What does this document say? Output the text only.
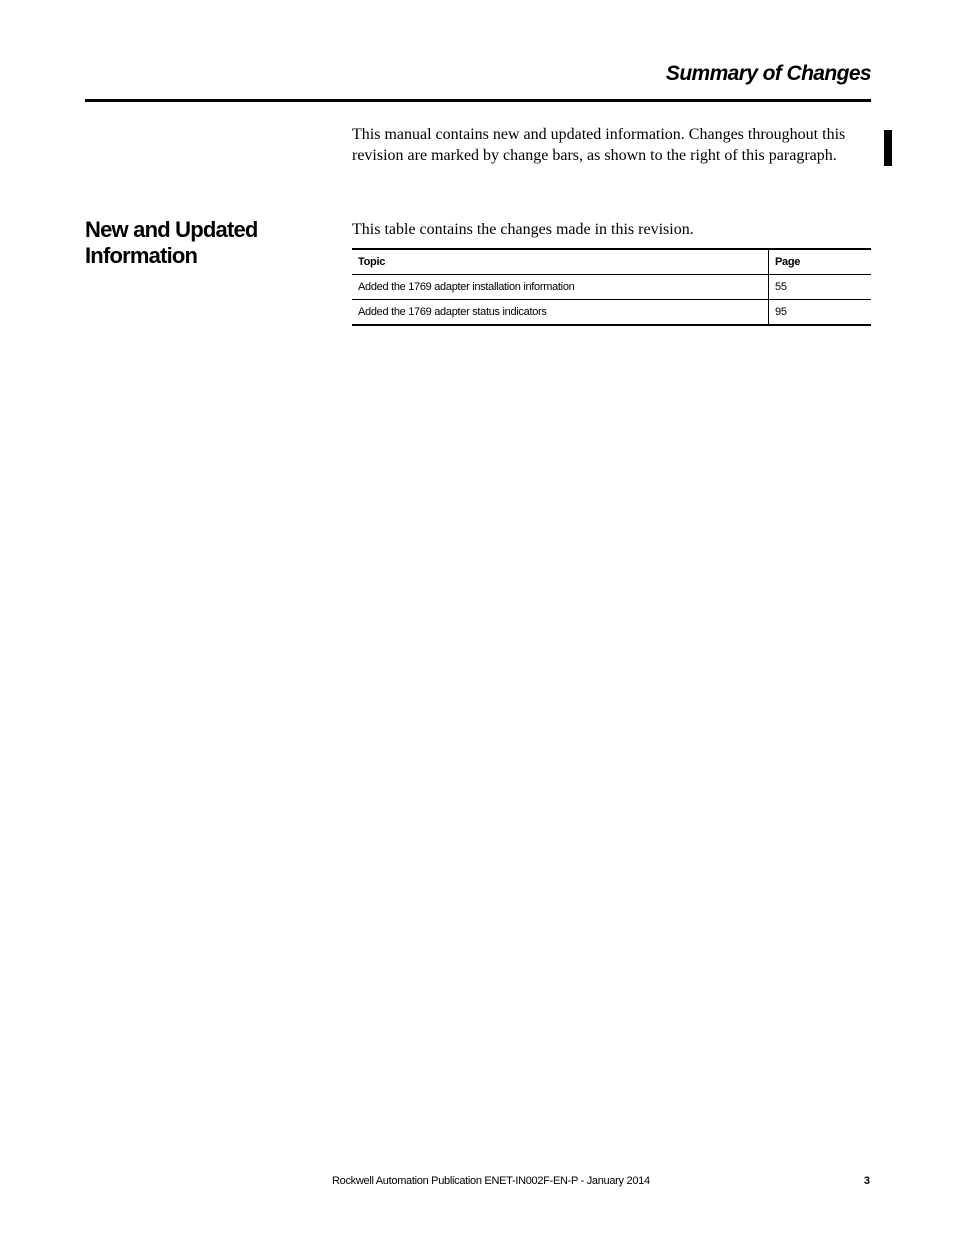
Summary of Changes

This manual contains new and updated information. Changes throughout this revision are marked by change bars, as shown to the right of this paragraph.

New and Updated Information

This table contains the changes made in this revision.

Topic	Page
Added the 1769 adapter installation information	55
Added the 1769 adapter status indicators	95

Rockwell Automation Publication ENET-IN002F-EN-P - January 2014	3
